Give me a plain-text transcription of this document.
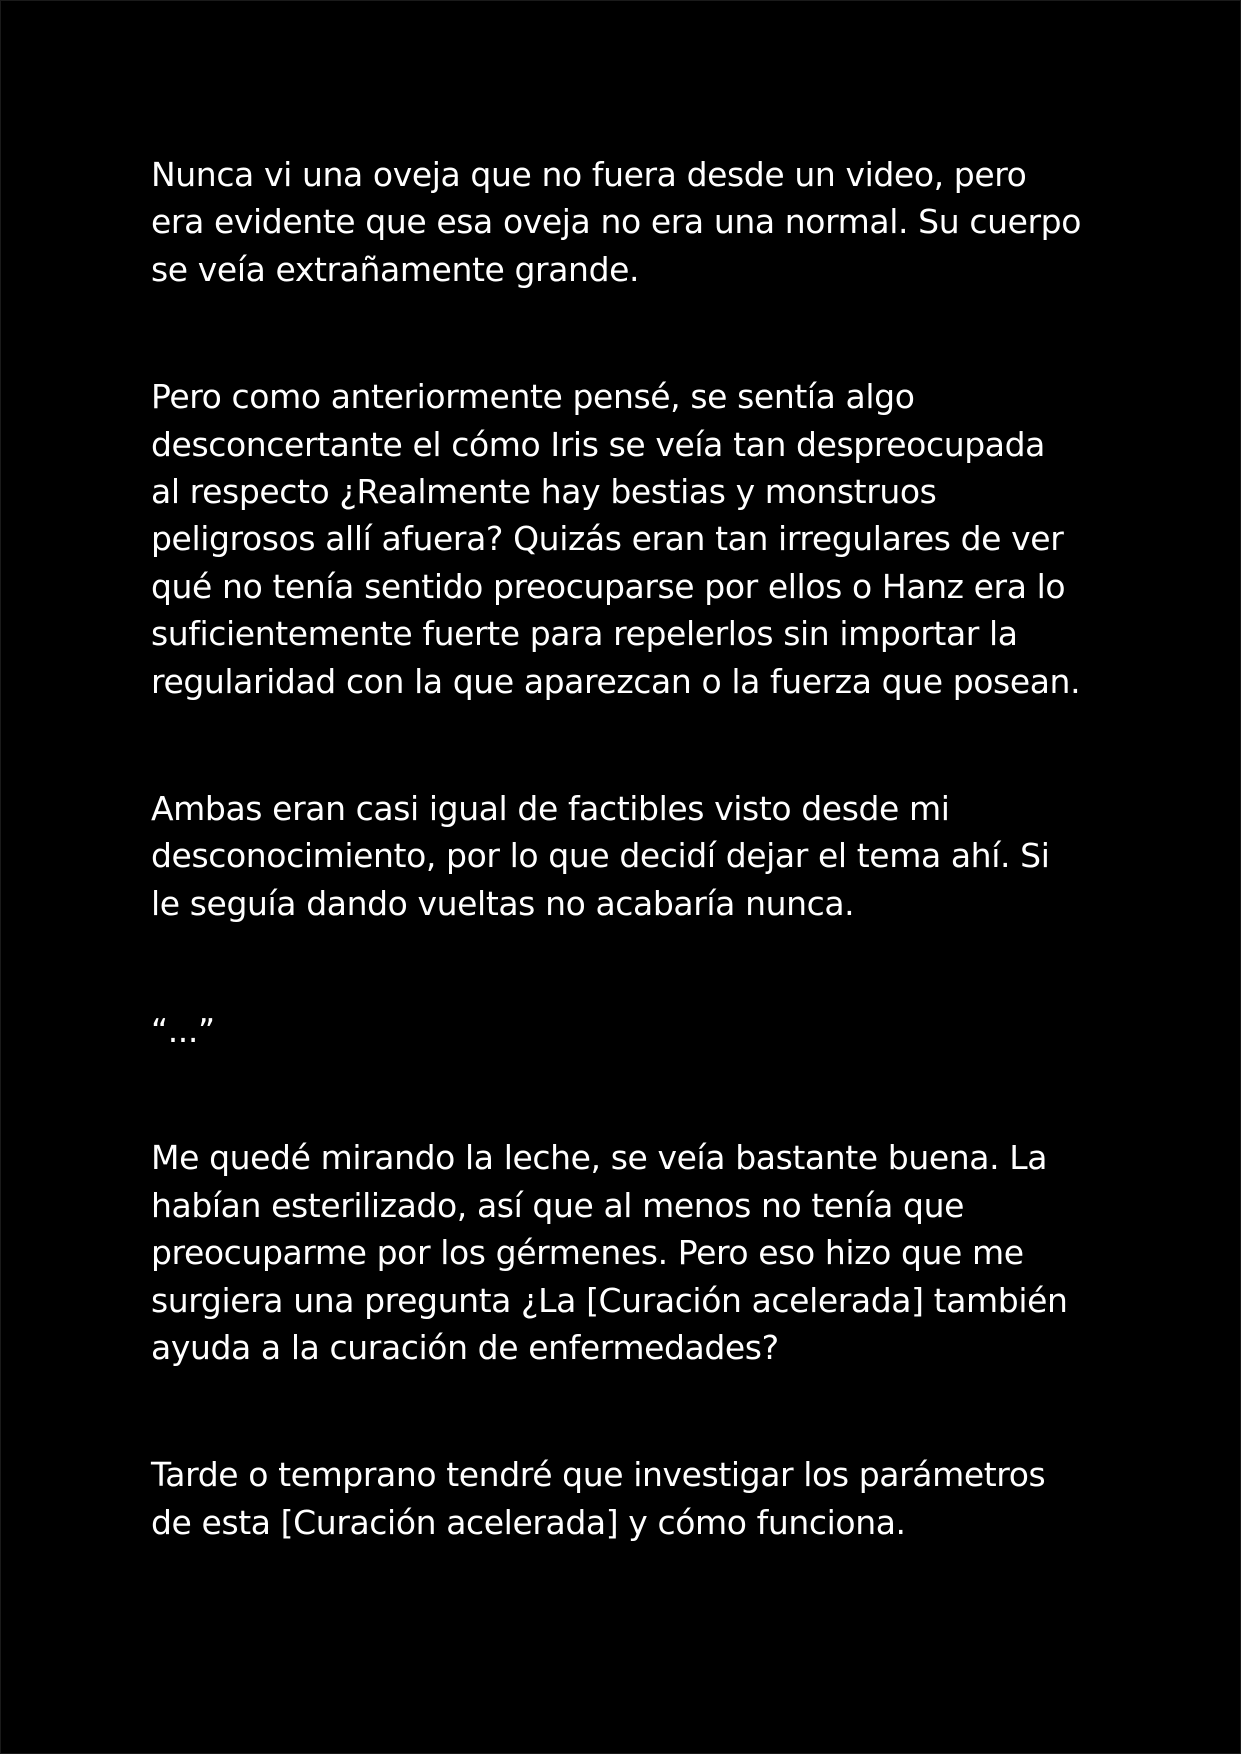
Nunca vi una oveja que no fuera desde un video, pero
era evidente que esa oveja no era una normal. Su cuerpo
se veía extrañamente grande.

Pero como anteriormente pensé, se sentía algo
desconcertante el cómo Iris se veía tan despreocupada
al respecto ¿Realmente hay bestias y monstruos
peligrosos allí afuera? Quizás eran tan irregulares de ver
qué no tenía sentido preocuparse por ellos o Hanz era lo
suficientemente fuerte para repelerlos sin importar la
regularidad con la que aparezcan o la fuerza que posean.

Ambas eran casi igual de factibles visto desde mi
desconocimiento, por lo que decidí dejar el tema ahí. Si
le seguía dando vueltas no acabaría nunca.

“...”

Me quedé mirando la leche, se veía bastante buena. La
habían esterilizado, así que al menos no tenía que
preocuparme por los gérmenes. Pero eso hizo que me
surgiera una pregunta ¿La [Curación acelerada] también
ayuda a la curación de enfermedades?

Tarde o temprano tendré que investigar los parámetros
de esta [Curación acelerada] y cómo funciona.
